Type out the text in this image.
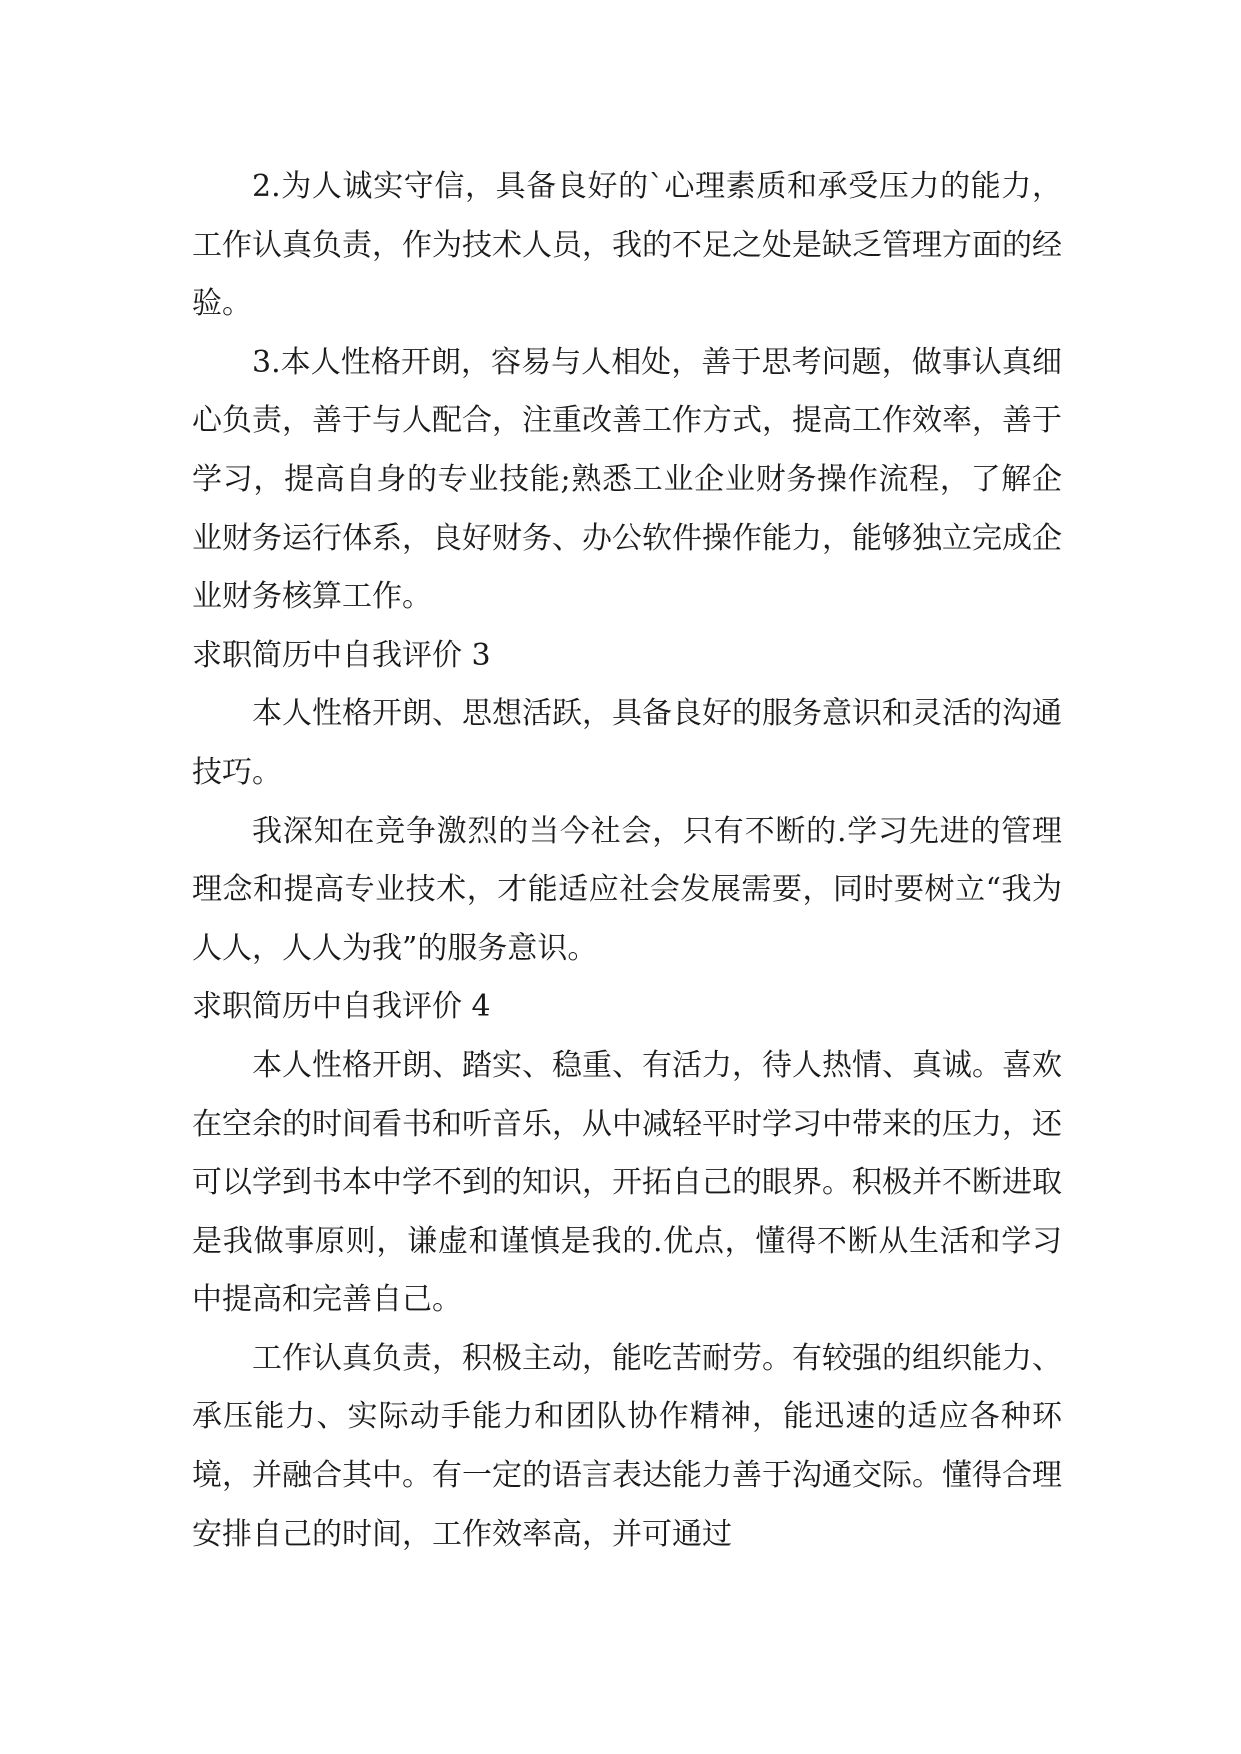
2.为人诚实守信，具备良好的`心理素质和承受压力的能力，工作认真负责，作为技术人员，我的不足之处是缺乏管理方面的经验。

3.本人性格开朗，容易与人相处，善于思考问题，做事认真细心负责，善于与人配合，注重改善工作方式，提高工作效率，善于学习，提高自身的专业技能;熟悉工业企业财务操作流程，了解企业财务运行体系，良好财务、办公软件操作能力，能够独立完成企业财务核算工作。

求职简历中自我评价 3

本人性格开朗、思想活跃，具备良好的服务意识和灵活的沟通技巧。

我深知在竞争激烈的当今社会，只有不断的.学习先进的管理理念和提高专业技术，才能适应社会发展需要，同时要树立“我为人人，人人为我”的服务意识。

求职简历中自我评价 4

本人性格开朗、踏实、稳重、有活力，待人热情、真诚。喜欢在空余的时间看书和听音乐，从中减轻平时学习中带来的压力，还可以学到书本中学不到的知识，开拓自己的眼界。积极并不断进取是我做事原则，谦虚和谨慎是我的.优点，懂得不断从生活和学习中提高和完善自己。

工作认真负责，积极主动，能吃苦耐劳。有较强的组织能力、承压能力、实际动手能力和团队协作精神，能迅速的适应各种环境，并融合其中。有一定的语言表达能力善于沟通交际。懂得合理安排自己的时间，工作效率高，并可通过
